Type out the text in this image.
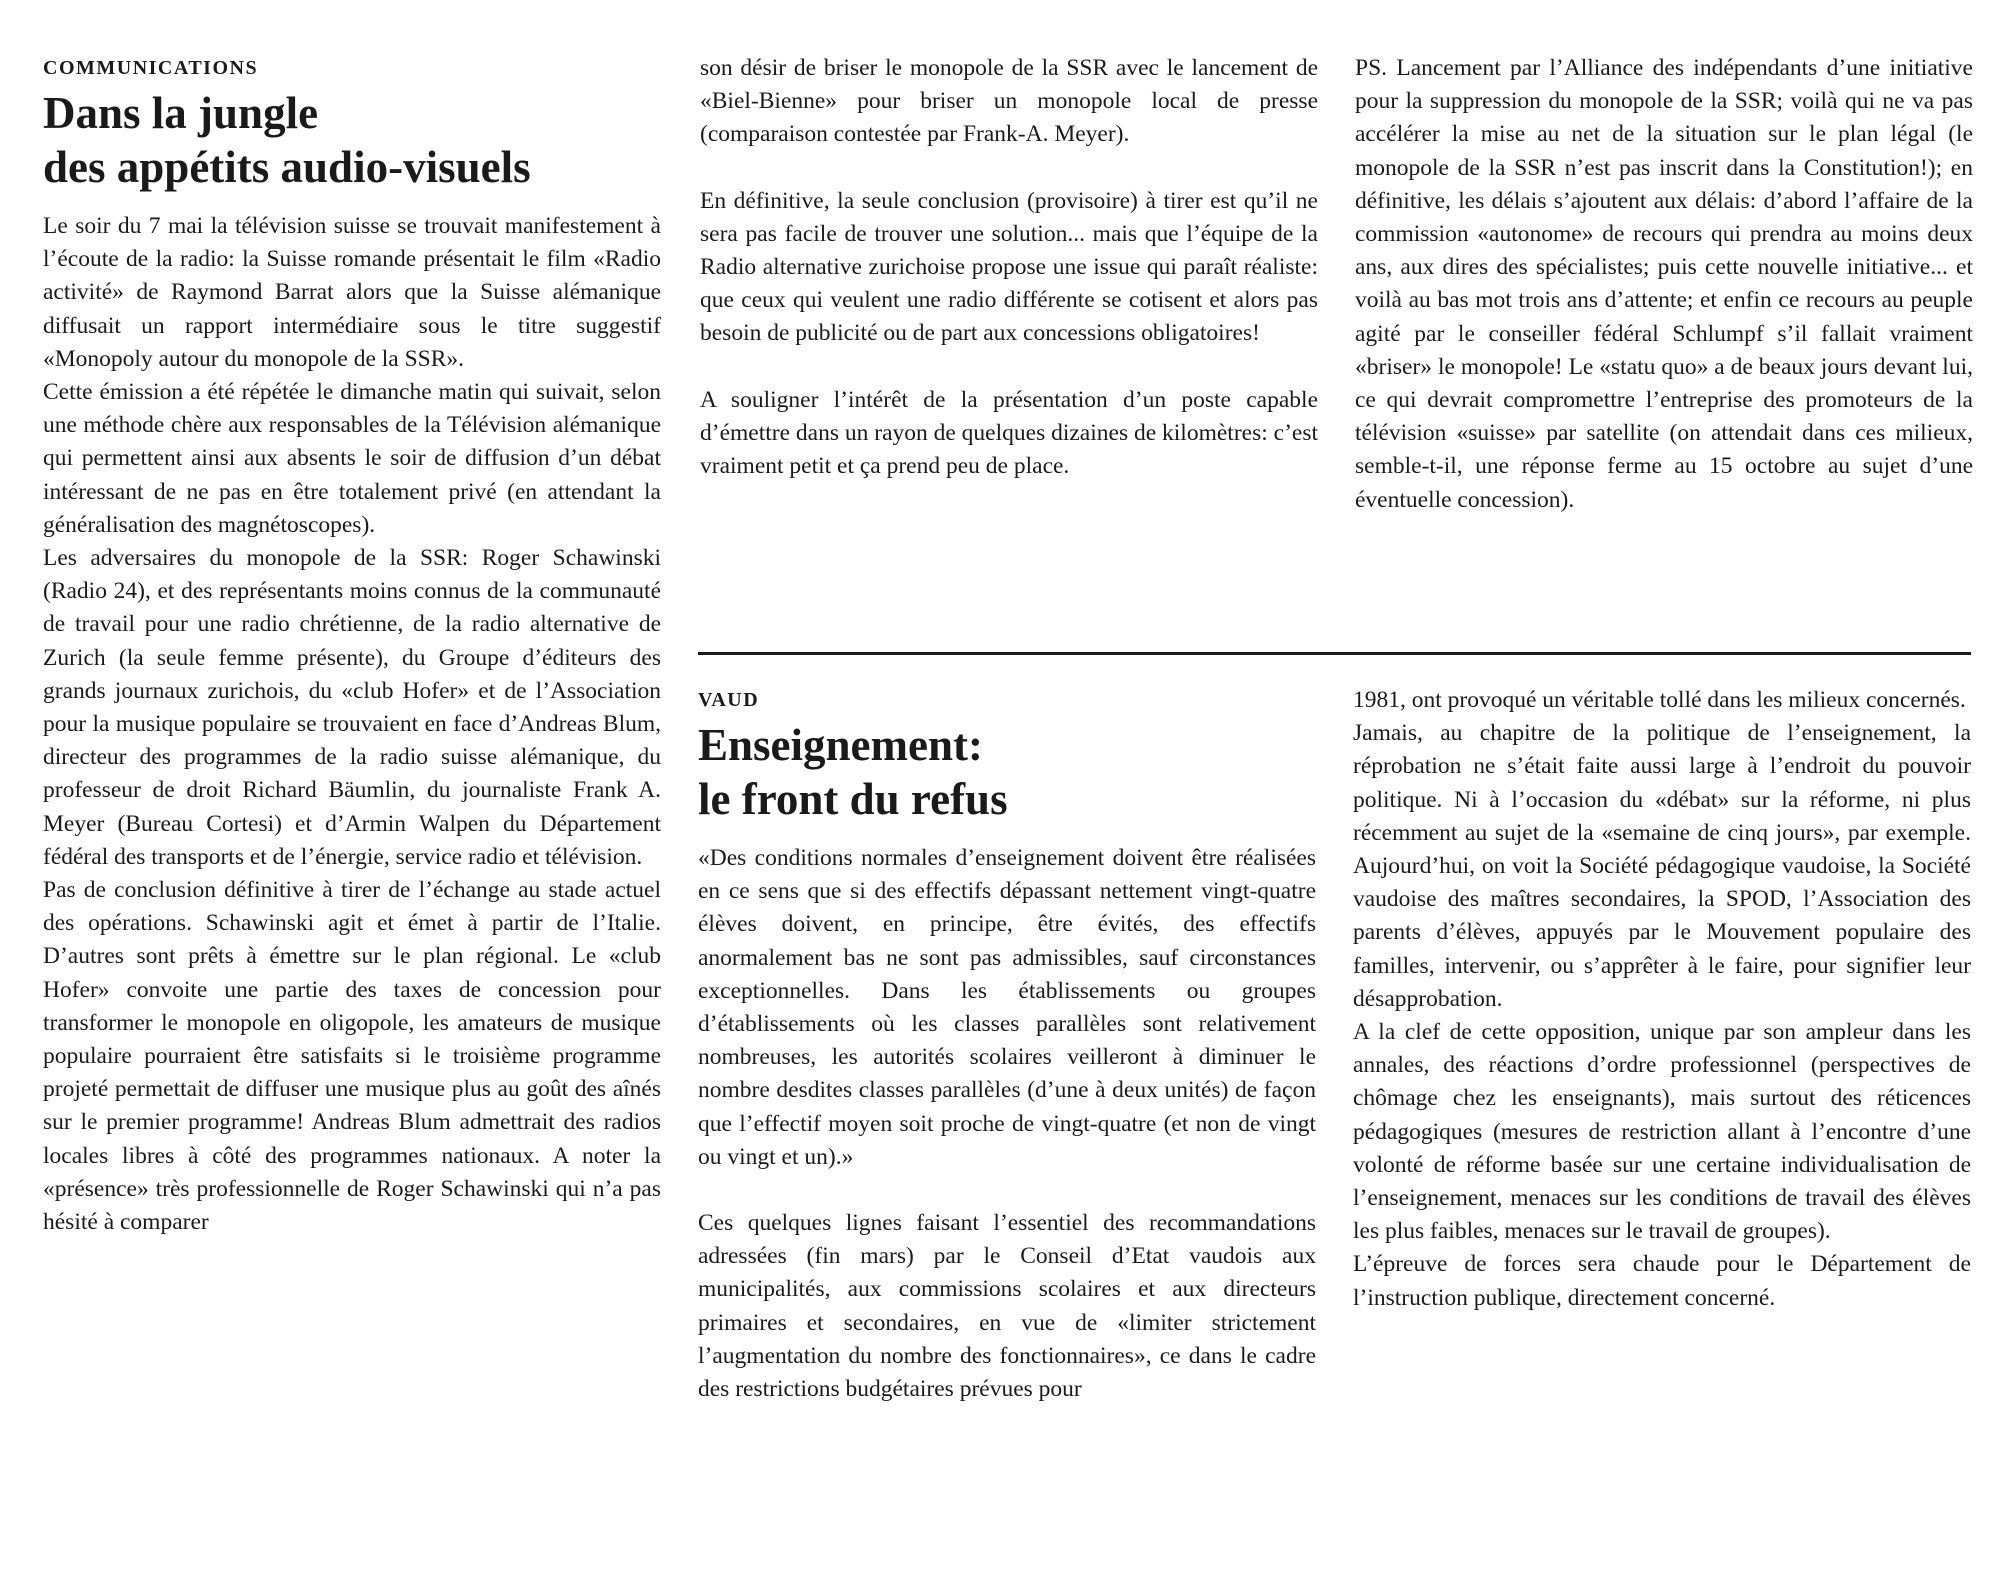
COMMUNICATIONS
Dans la jungle
des appétits audio-visuels

Le soir du 7 mai la télévision suisse se trouvait manifestement à l’écoute de la radio: la Suisse romande présentait le film «Radio activité» de Raymond Barrat alors que la Suisse alémanique diffusait un rapport intermédiaire sous le titre suggestif «Monopoly autour du monopole de la SSR».

Cette émission a été répétée le dimanche matin qui suivait, selon une méthode chère aux responsables de la Télévision alémanique qui permettent ainsi aux absents le soir de diffusion d’un débat intéressant de ne pas en être totalement privé (en attendant la généralisation des magnétoscopes).

Les adversaires du monopole de la SSR: Roger Schawinski (Radio 24), et des représentants moins connus de la communauté de travail pour une radio chrétienne, de la radio alternative de Zurich (la seule femme présente), du Groupe d’éditeurs des grands journaux zurichois, du «club Hofer» et de l’Association pour la musique populaire se trouvaient en face d’Andreas Blum, directeur des programmes de la radio suisse alémanique, du professeur de droit Richard Bäumlin, du journaliste Frank A. Meyer (Bureau Cortesi) et d’Armin Walpen du Département fédéral des transports et de l’énergie, service radio et télévision.

Pas de conclusion définitive à tirer de l’échange au stade actuel des opérations. Schawinski agit et émet à partir de l’Italie. D’autres sont prêts à émettre sur le plan régional. Le «club Hofer» convoite une partie des taxes de concession pour transformer le monopole en oligopole, les amateurs de musique populaire pourraient être satisfaits si le troisième programme projeté permettait de diffuser une musique plus au goût des aînés sur le premier programme! Andreas Blum admettrait des radios locales libres à côté des programmes nationaux. A noter la «présence» très professionnelle de Roger Schawinski qui n’a pas hésité à comparer

son désir de briser le monopole de la SSR avec le lancement de «Biel-Bienne» pour briser un monopole local de presse (comparaison contestée par Frank-A. Meyer).

En définitive, la seule conclusion (provisoire) à tirer est qu’il ne sera pas facile de trouver une solution... mais que l’équipe de la Radio alternative zurichoise propose une issue qui paraît réaliste: que ceux qui veulent une radio différente se cotisent et alors pas besoin de publicité ou de part aux concessions obligatoires!

A souligner l’intérêt de la présentation d’un poste capable d’émettre dans un rayon de quelques dizaines de kilomètres: c’est vraiment petit et ça prend peu de place.

PS. Lancement par l’Alliance des indépendants d’une initiative pour la suppression du monopole de la SSR; voilà qui ne va pas accélérer la mise au net de la situation sur le plan légal (le monopole de la SSR n’est pas inscrit dans la Constitution!); en définitive, les délais s’ajoutent aux délais: d’abord l’affaire de la commission «autonome» de recours qui prendra au moins deux ans, aux dires des spécialistes; puis cette nouvelle initiative... et voilà au bas mot trois ans d’attente; et enfin ce recours au peuple agité par le conseiller fédéral Schlumpf s’il fallait vraiment «briser» le monopole! Le «statu quo» a de beaux jours devant lui, ce qui devrait compromettre l’entreprise des promoteurs de la télévision «suisse» par satellite (on attendait dans ces milieux, semble-t-il, une réponse ferme au 15 octobre au sujet d’une éventuelle concession).

VAUD
Enseignement:
le front du refus

«Des conditions normales d’enseignement doivent être réalisées en ce sens que si des effectifs dépassant nettement vingt-quatre élèves doivent, en principe, être évités, des effectifs anormalement bas ne sont pas admissibles, sauf circonstances exceptionnelles. Dans les établissements ou groupes d’établissements où les classes parallèles sont relativement nombreuses, les autorités scolaires veilleront à diminuer le nombre desdites classes parallèles (d’une à deux unités) de façon que l’effectif moyen soit proche de vingt-quatre (et non de vingt ou vingt et un).»

Ces quelques lignes faisant l’essentiel des recommandations adressées (fin mars) par le Conseil d’Etat vaudois aux municipalités, aux commissions scolaires et aux directeurs primaires et secondaires, en vue de «limiter strictement l’augmentation du nombre des fonctionnaires», ce dans le cadre des restrictions budgétaires prévues pour

1981, ont provoqué un véritable tollé dans les milieux concernés.

Jamais, au chapitre de la politique de l’enseignement, la réprobation ne s’était faite aussi large à l’endroit du pouvoir politique. Ni à l’occasion du «débat» sur la réforme, ni plus récemment au sujet de la «semaine de cinq jours», par exemple. Aujourd’hui, on voit la Société pédagogique vaudoise, la Société vaudoise des maîtres secondaires, la SPOD, l’Association des parents d’élèves, appuyés par le Mouvement populaire des familles, intervenir, ou s’apprêter à le faire, pour signifier leur désapprobation.

A la clef de cette opposition, unique par son ampleur dans les annales, des réactions d’ordre professionnel (perspectives de chômage chez les enseignants), mais surtout des réticences pédagogiques (mesures de restriction allant à l’encontre d’une volonté de réforme basée sur une certaine individualisation de l’enseignement, menaces sur les conditions de travail des élèves les plus faibles, menaces sur le travail de groupes).

L’épreuve de forces sera chaude pour le Département de l’instruction publique, directement concerné.
